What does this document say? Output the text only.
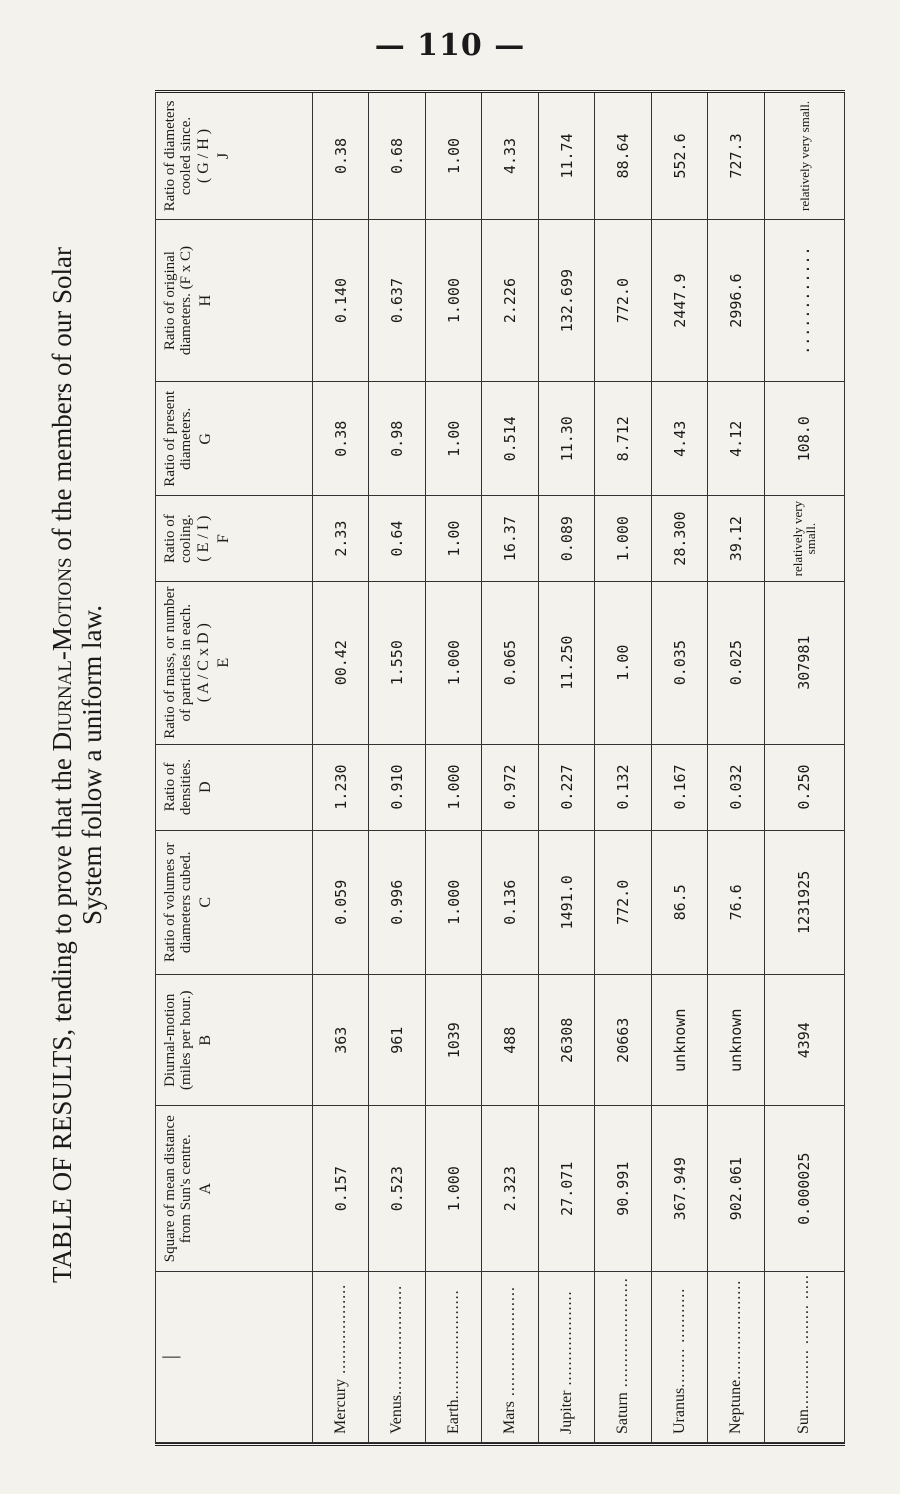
— 110 —
TABLE OF RESULTS, tending to prove that the Diurnal-Motions of the members of our Solar
System follow a uniform law.
|	Square of mean distance from Sun's centre. A	Diurnal-motion (miles per hour.) B	Ratio of volumes or diameters cubed. C	Ratio of densities. D	Ratio of mass, or number of particles in each. ( A / C x D ) E	Ratio of cooling. ( E / I ) F	Ratio of present diameters. G	Ratio of original diameters. (F x C) H	Ratio of diameters cooled since. ( G / H ) J

Mercury ..................	0.157	363	0.059	1.230	00.42	2.33	0.38	0.140	0.38
Venus......................	0.523	961	0.996	0.910	1.550	0.64	0.98	0.637	0.68
Earth......................	1.000	1039	1.000	1.000	1.000	1.00	1.00	1.000	1.00
Mars ......................	2.323	488	0.136	0.972	0.065	16.37	0.514	2.226	4.33
Jupiter ...................	27.071	26308	1491.0	0.227	11.250	0.089	11.30	132.699	11.74
Saturn ......................	90.991	20663	772.0	0.132	1.00	1.000	8.712	772.0	88.64
Uranus........ ...........	367.949	unknown	86.5	0.167	0.035	28.300	4.43	2447.9	552.6
Neptune....................	902.061	unknown	76.6	0.032	0.025	39.12	4.12	2996.6	727.3
Sun............ ........ .....	0.000025	4394	1231925	0.250	307981	relatively very small.	108.0	............	relatively very small.
